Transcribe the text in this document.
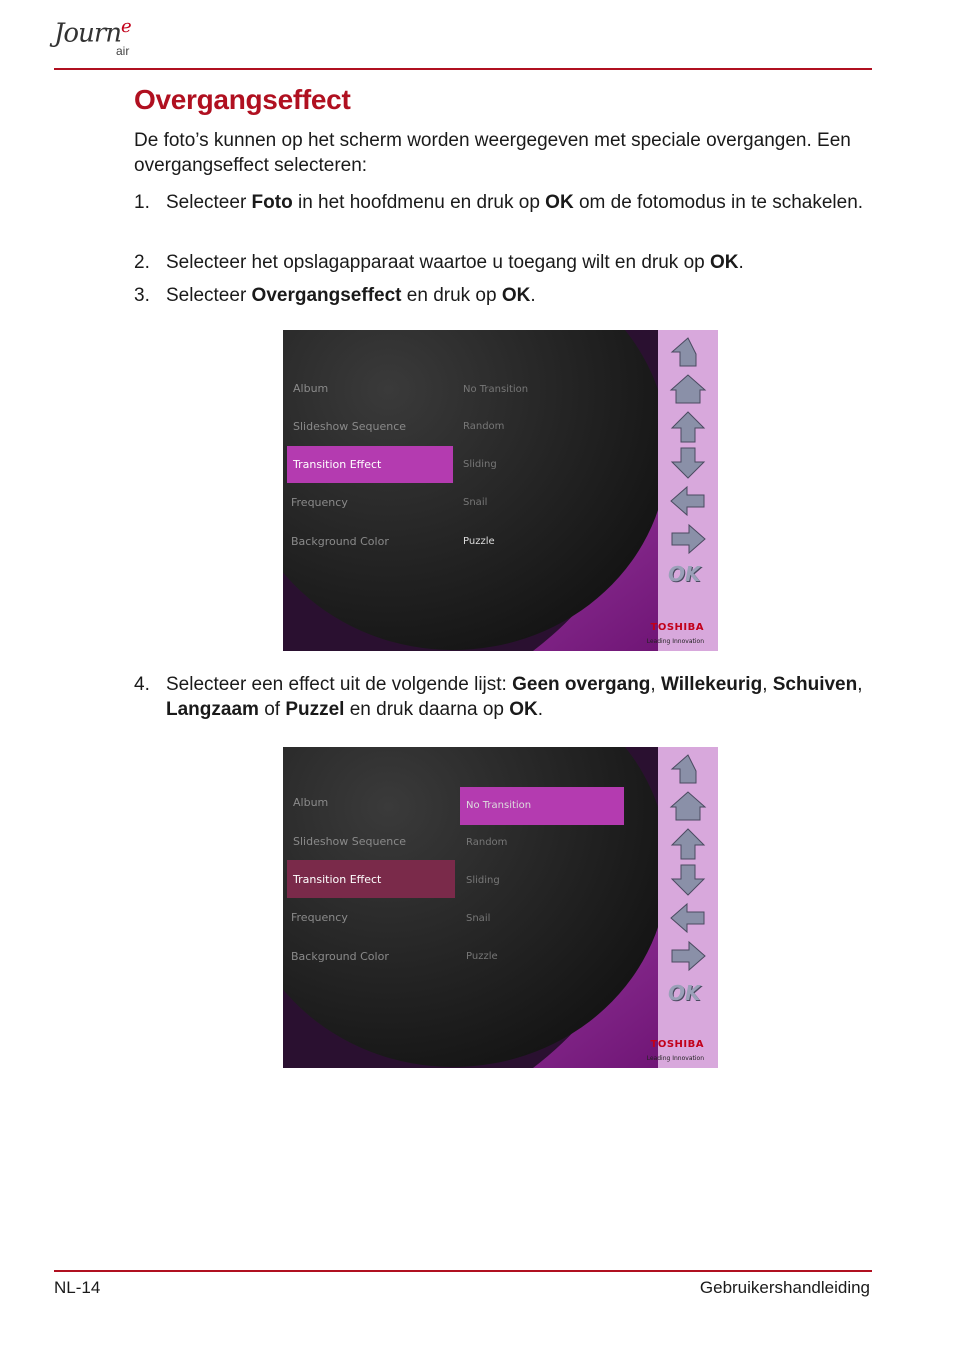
Journ$^e$
air
Overgangseffect

De foto’s kunnen op het scherm worden weergegeven met speciale overgangen. Een overgangseffect selecteren:

1. Selecteer Foto in het hoofdmenu en druk op OK om de fotomodus in te schakelen.
2. Selecteer het opslagapparaat waartoe u toegang wilt en druk op OK.
3. Selecteer Overgangseffect en druk op OK.
Album
Slideshow Sequence
Transition Effect
Frequency
Background Color
No Transition
Random
Sliding
Snail
Puzzle
OK
TOSHIBA
Leading Innovation
4. Selecteer een effect uit de volgende lijst: Geen overgang, Willekeurig, Schuiven, Langzaam of Puzzel en druk daarna op OK.
Album
Slideshow Sequence
Transition Effect
Frequency
Background Color
No Transition
Random
Sliding
Snail
Puzzle
OK
TOSHIBA
Leading Innovation
NL-14	Gebruikershandleiding
